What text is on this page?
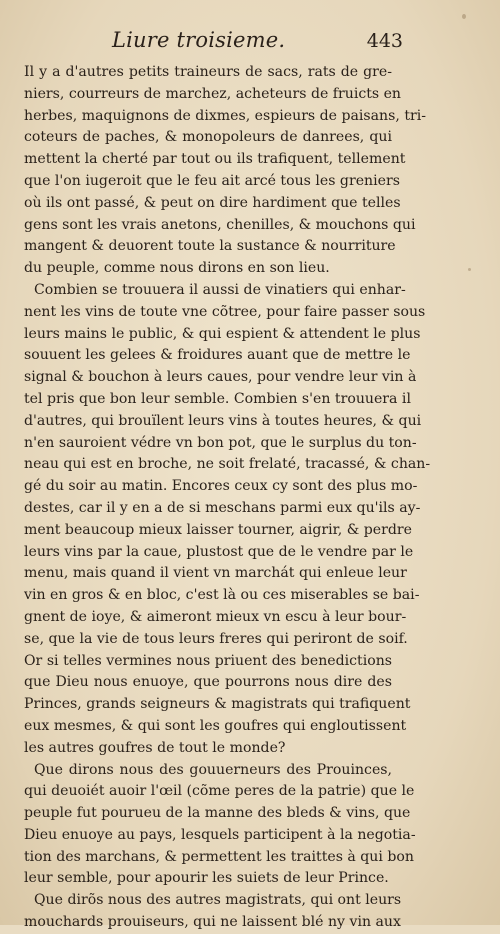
Liure troisieme.	443
Il y a d'autres petits traineurs de sacs, rats de gre-
niers, courreurs de marchez, acheteurs de fruicts en
herbes, maquignons de dixmes, espieurs de paisans, tri-
coteurs de paches, & monopoleurs de danrees, qui
mettent la cherté par tout ou ils trafiquent, tellement
que l'on iugeroit que le feu ait arcé tous les greniers
où ils ont passé, & peut on dire hardiment que telles
gens sont les vrais anetons, chenilles, & mouchons qui
mangent & deuorent toute la sustance & nourriture
du peuple, comme nous dirons en son lieu.
Combien se trouuera il aussi de vinatiers qui enhar-
nent les vins de toute vne cõtree, pour faire passer sous
leurs mains le public, & qui espient & attendent le plus
souuent les gelees & froidures auant que de mettre le
signal & bouchon à leurs caues, pour vendre leur vin à
tel pris que bon leur semble. Combien s'en trouuera il
d'autres, qui brouïlent leurs vins à toutes heures, & qui
n'en sauroient védre vn bon pot, que le surplus du ton-
neau qui est en broche, ne soit frelaté, tracassé, & chan-
gé du soir au matin. Encores ceux cy sont des plus mo-
destes, car il y en a de si meschans parmi eux qu'ils ay-
ment beaucoup mieux laisser tourner, aigrir, & perdre
leurs vins par la caue, plustost que de le vendre par le
menu, mais quand il vient vn marchát qui enleue leur
vin en gros & en bloc, c'est là ou ces miserables se bai-
gnent de ioye, & aimeront mieux vn escu à leur bour-
se, que la vie de tous leurs freres qui periront de soif.
Or si telles vermines nous priuent des benedictions
que Dieu nous enuoye, que pourrons nous dire des
Princes, grands seigneurs & magistrats qui trafiquent
eux mesmes, & qui sont les goufres qui engloutissent
les autres goufres de tout le monde?
Que dirons nous des gouuerneurs des Prouinces,
qui deuoiét auoir l'œil (cõme peres de la patrie) que le
peuple fut pourueu de la manne des bleds & vins, que
Dieu enuoye au pays, lesquels participent à la negotia-
tion des marchans, & permettent les traittes à qui bon
leur semble, pour apourir les suiets de leur Prince.
Que dirõs nous des autres magistrats, qui ont leurs
mouchards prouiseurs, qui ne laissent blé ny vin aux
